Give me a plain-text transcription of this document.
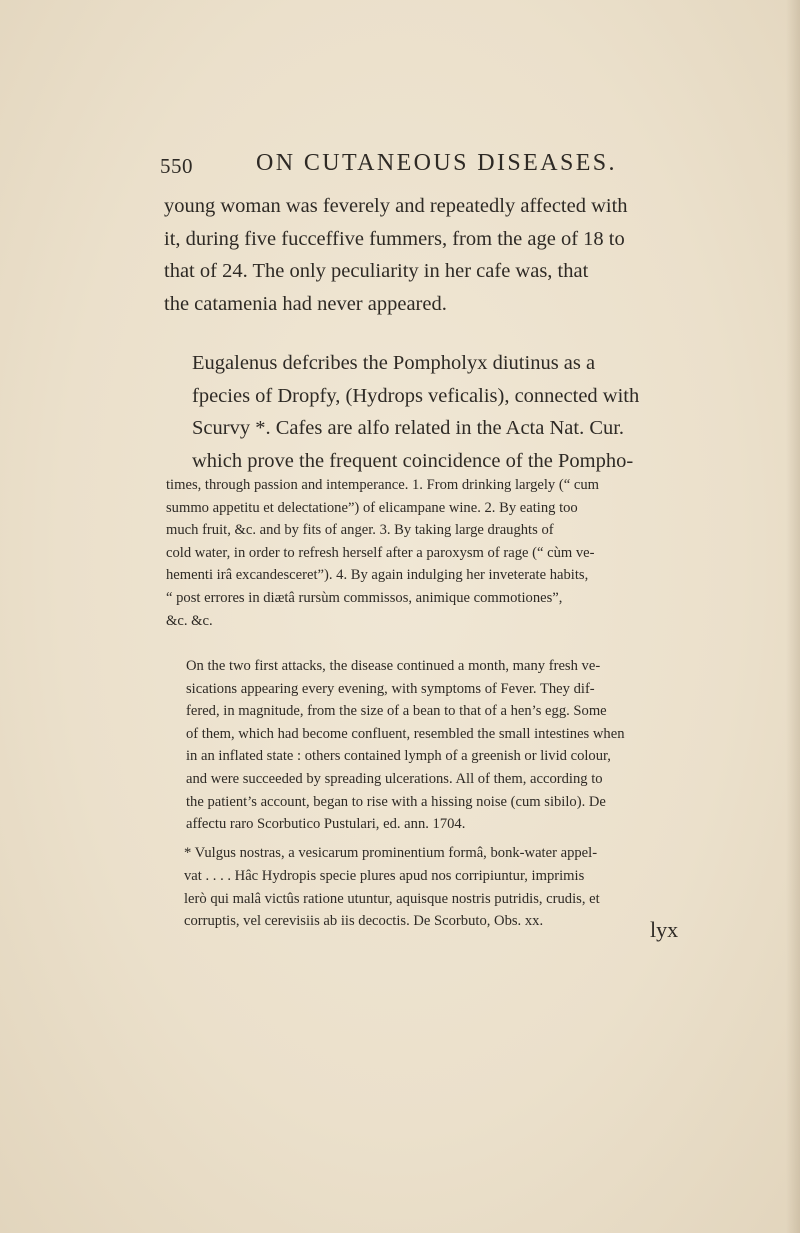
550	ON CUTANEOUS DISEASES.
young woman was feverely and repeatedly affected with
it, during five fucceffive fummers, from the age of 18 to
that of 24. The only peculiarity in her cafe was, that
the catamenia had never appeared.
Eugalenus defcribes the Pompholyx diutinus as a
fpecies of Dropfy, (Hydrops veficalis), connected with
Scurvy *. Cafes are alfo related in the Acta Nat. Cur.
which prove the frequent coincidence of the Pompho-
times, through passion and intemperance. 1. From drinking largely (“ cum
summo appetitu et delectatione”) of elicampane wine. 2. By eating too
much fruit, &c. and by fits of anger. 3. By taking large draughts of
cold water, in order to refresh herself after a paroxysm of rage (“ cùm ve-
hementi irâ excandesceret”). 4. By again indulging her inveterate habits,
“ post errores in diætâ rursùm commissos, animique commotiones”,
&c. &c.
On the two first attacks, the disease continued a month, many fresh ve-
sications appearing every evening, with symptoms of Fever. They dif-
fered, in magnitude, from the size of a bean to that of a hen’s egg. Some
of them, which had become confluent, resembled the small intestines when
in an inflated state : others contained lymph of a greenish or livid colour,
and were succeeded by spreading ulcerations. All of them, according to
the patient’s account, began to rise with a hissing noise (cum sibilo). De
affectu raro Scorbutico Pustulari, ed. ann. 1704.
* Vulgus nostras, a vesicarum prominentium formâ, bonk-water appel-
vat . . . . Hâc Hydropis specie plures apud nos corripiuntur, imprimis
lerò qui malâ victûs ratione utuntur, aquisque nostris putridis, crudis, et
corruptis, vel cerevisiis ab iis decoctis. De Scorbuto, Obs. xx.	lyx
